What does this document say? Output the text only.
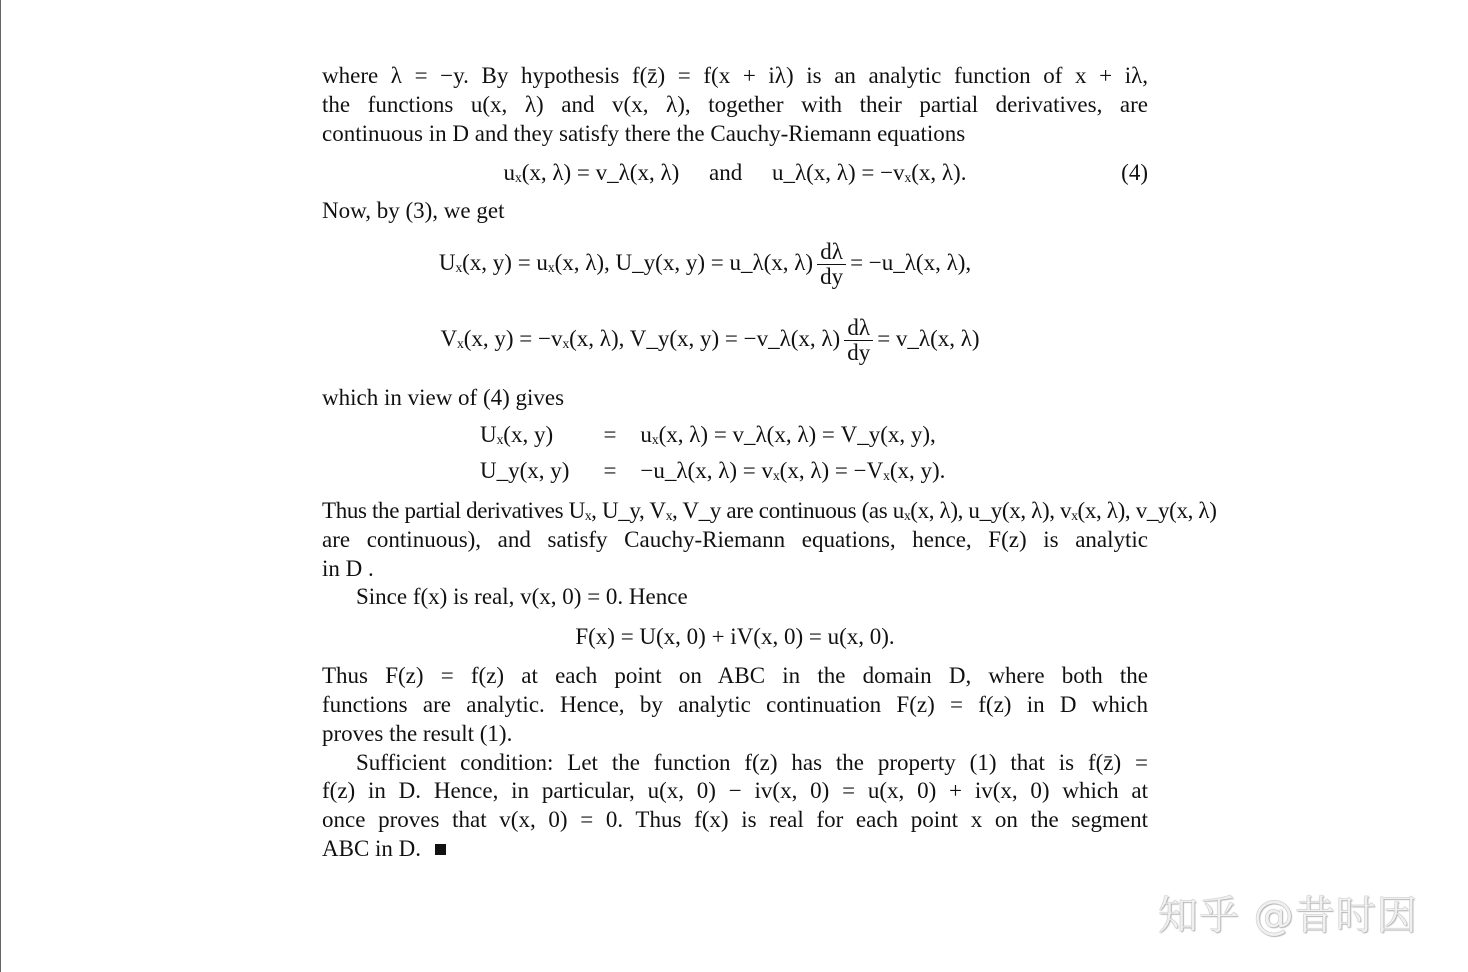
where λ = −y. By hypothesis f(z̄) = f(x + iλ) is an analytic function of x + iλ,
the functions u(x, λ) and v(x, λ), together with their partial derivatives, are
continuous in D and they satisfy there the Cauchy-Riemann equations
uₓ(x, λ) = v_λ(x, λ) and u_λ(x, λ) = −vₓ(x, λ).	(4)
Now, by (3), we get
Uₓ(x, y) = uₓ(x, λ), U_y(x, y) = u_λ(x, $\lambda) \frac{d\lambda}{dy}$ = −u_λ(x, λ),
Vₓ(x, y) = −vₓ(x, λ), V_y(x, y) = −v_λ(x, $\lambda) \frac{d\lambda}{dy}$ = v_λ(x, λ)
which in view of (4) gives
Uₓ(x, y)	=	uₓ(x, λ) = v_λ(x, λ) = V_y(x, y),
U_y(x, y)	=	−u_λ(x, λ) = vₓ(x, λ) = −Vₓ(x, y).
Thus the partial derivatives Uₓ, U_y, Vₓ, V_y are continuous (as uₓ(x, λ), u_y(x, λ), vₓ(x, λ), v_y(x, λ)
are continuous), and satisfy Cauchy-Riemann equations, hence, F(z) is analytic
in D .
Since f(x) is real, v(x, 0) = 0. Hence
F(x) = U(x, 0) + iV(x, 0) = u(x, 0).
Thus F(z) = f(z) at each point on ABC in the domain D, where both the
functions are analytic. Hence, by analytic continuation F(z) = f(z) in D which
proves the result (1).
Sufficient condition: Let the function f(z) has the property (1) that is f(z̄) =
f(z) in D. Hence, in particular, u(x, 0) − iv(x, 0) = u(x, 0) + iv(x, 0) which at
once proves that v(x, 0) = 0. Thus f(x) is real for each point x on the segment
ABC in D.
知乎 @昔时因
